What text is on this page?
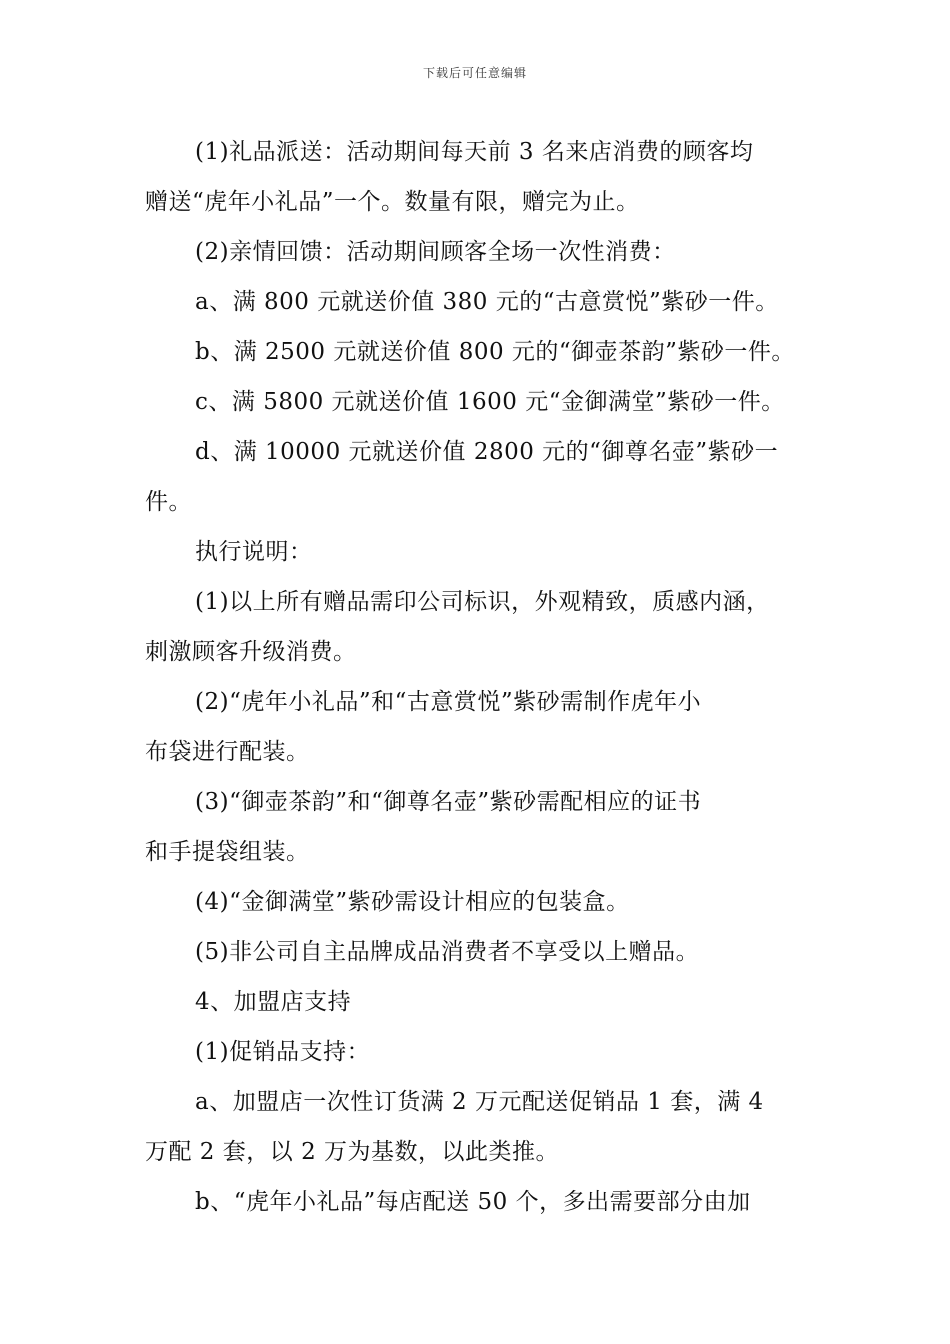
下载后可任意编辑
(1)礼品派送：活动期间每天前 3 名来店消费的顾客均
赠送“虎年小礼品”一个。数量有限，赠完为止。
(2)亲情回馈：活动期间顾客全场一次性消费：
a、满 800 元就送价值 380 元的“古意赏悦”紫砂一件。
b、满 2500 元就送价值 800 元的“御壶茶韵”紫砂一件。
c、满 5800 元就送价值 1600 元“金御满堂”紫砂一件。
d、满 10000 元就送价值 2800 元的“御尊名壶”紫砂一
件。
执行说明：
(1)以上所有赠品需印公司标识，外观精致，质感内涵，
刺激顾客升级消费。
(2)“虎年小礼品”和“古意赏悦”紫砂需制作虎年小
布袋进行配装。
(3)“御壶茶韵”和“御尊名壶”紫砂需配相应的证书
和手提袋组装。
(4)“金御满堂”紫砂需设计相应的包装盒。
(5)非公司自主品牌成品消费者不享受以上赠品。
4、加盟店支持
(1)促销品支持：
a、加盟店一次性订货满 2 万元配送促销品 1 套，满 4
万配 2 套，以 2 万为基数，以此类推。
b、“虎年小礼品”每店配送 50 个，多出需要部分由加
